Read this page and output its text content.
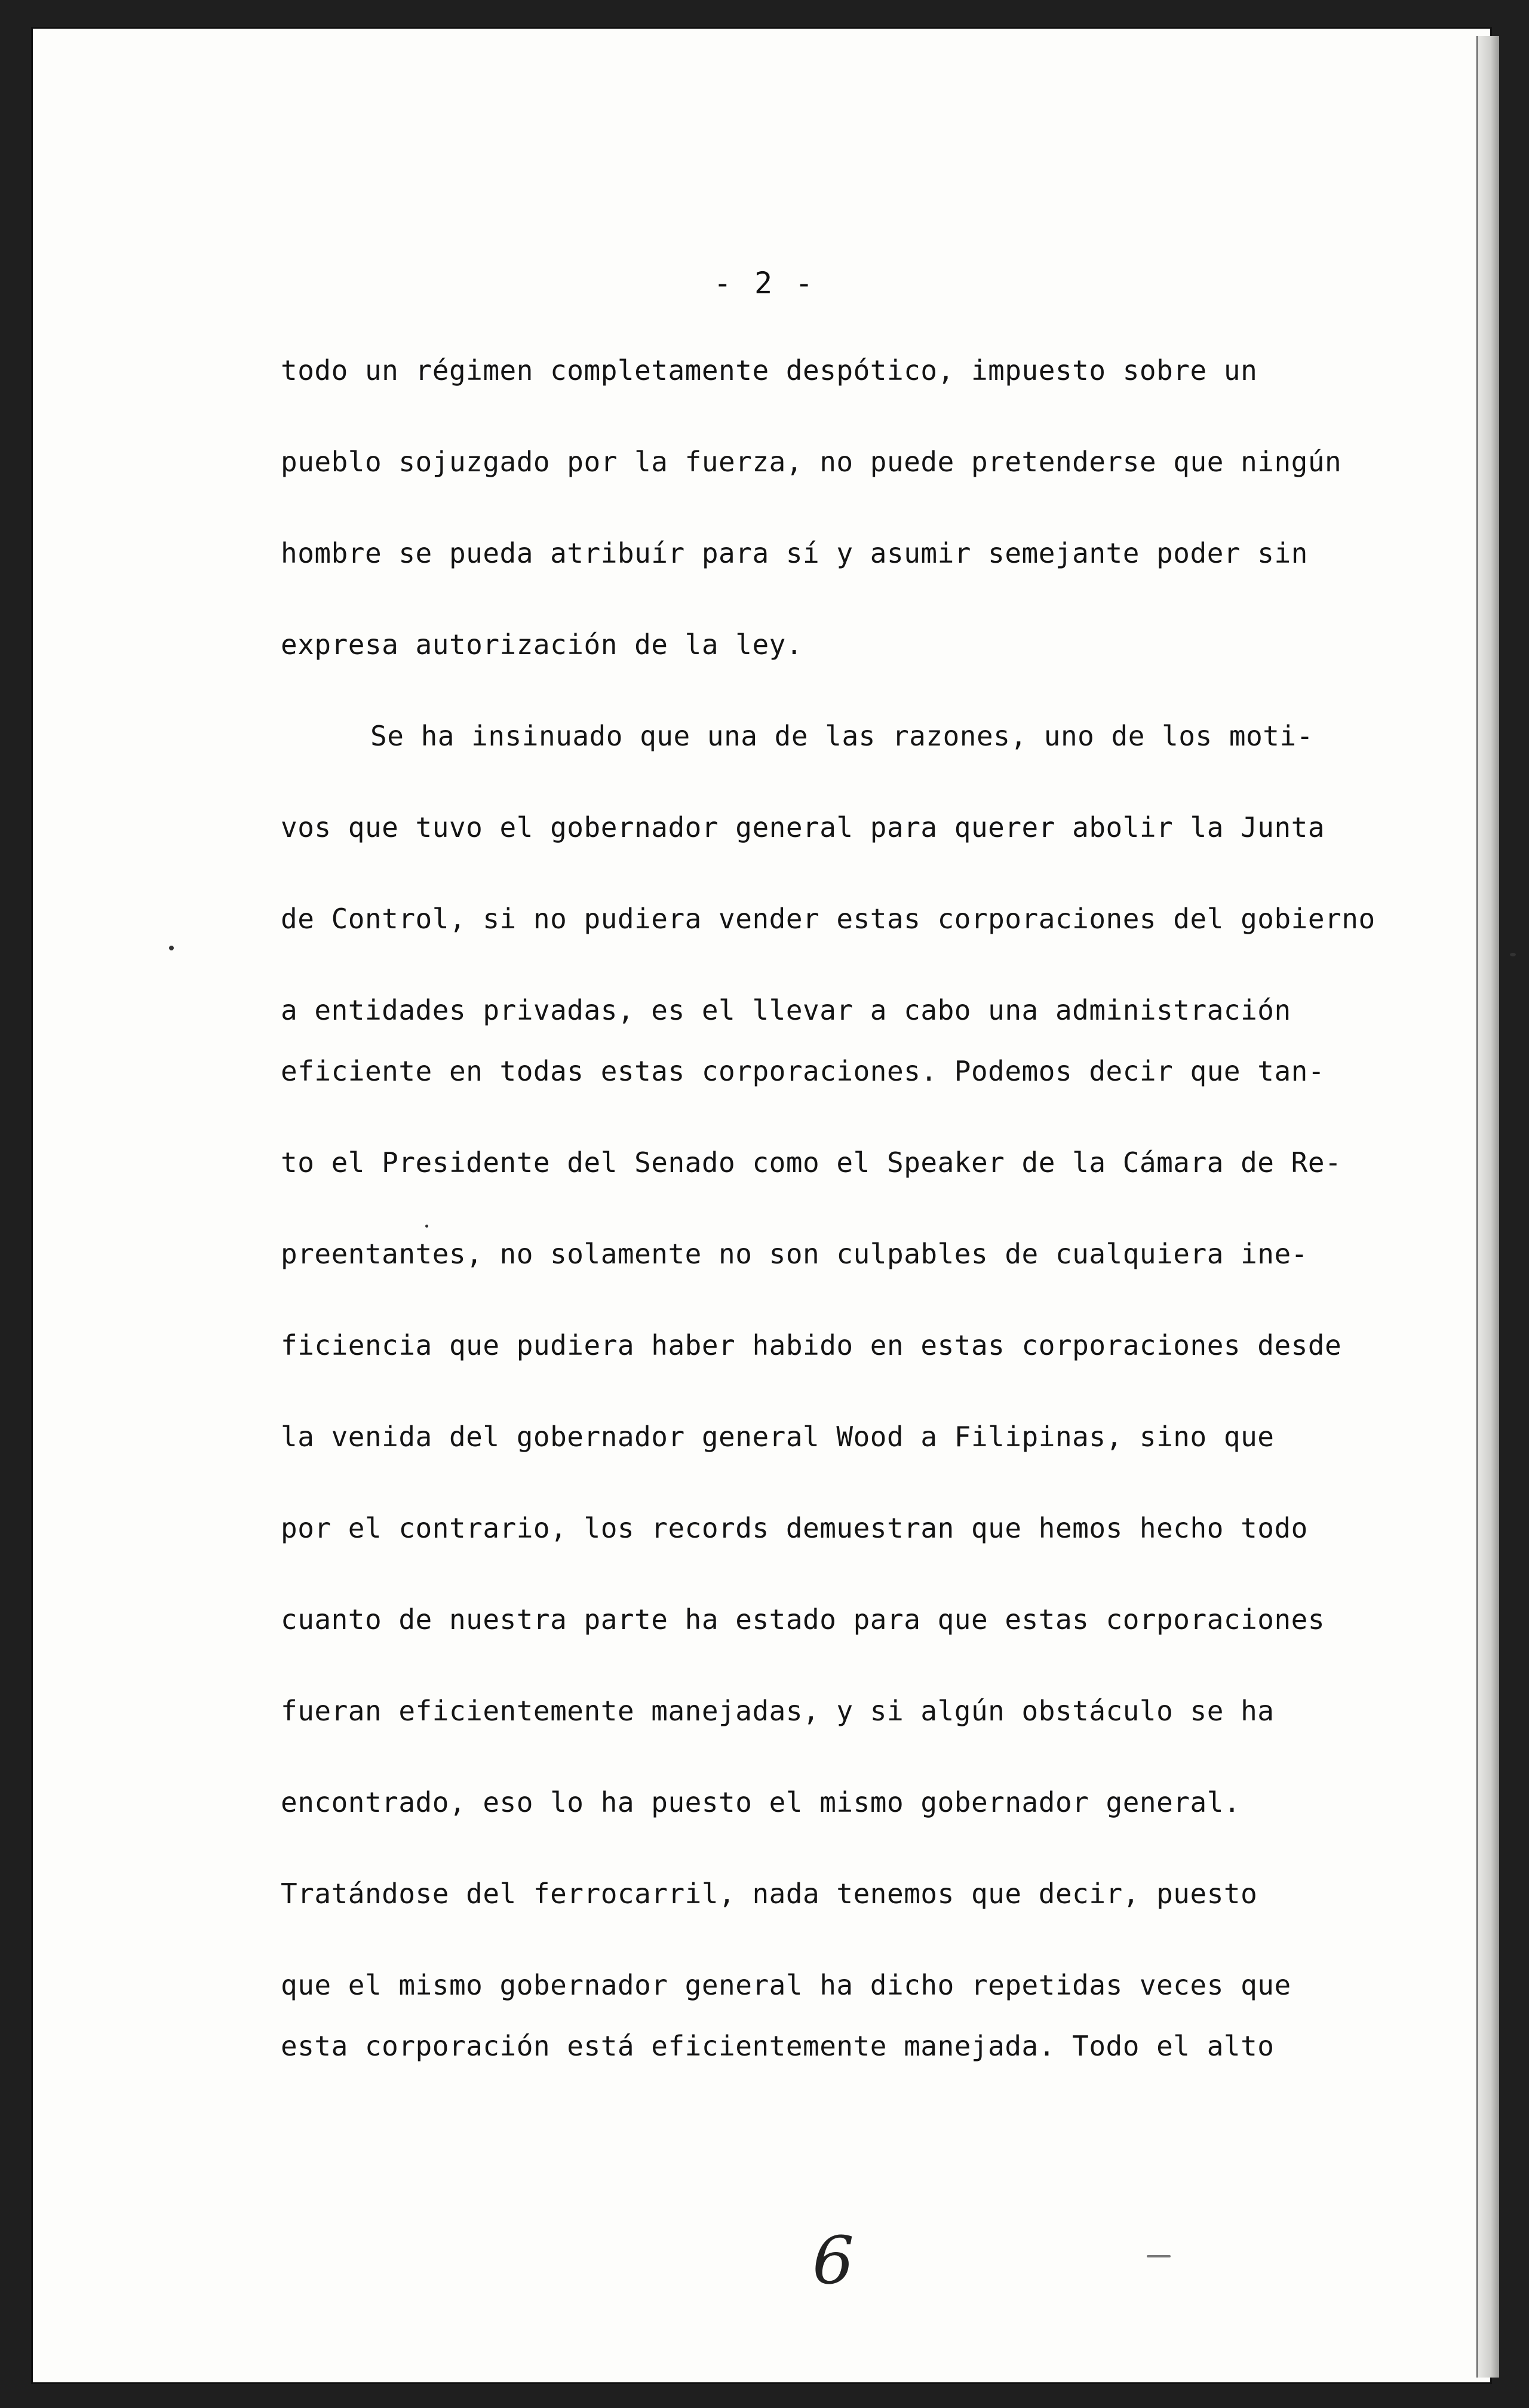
- 2 -
todo un régimen completamente despótico, impuesto sobre un
pueblo sojuzgado por la fuerza, no puede pretenderse que ningún
hombre se pueda atribuír para sí y asumir semejante poder sin
expresa autorización de la ley.
Se ha insinuado que una de las razones, uno de los moti-
vos que tuvo el gobernador general para querer abolir la Junta
de Control, si no pudiera vender estas corporaciones del gobierno
a entidades privadas, es el llevar a cabo una administración
eficiente en todas estas corporaciones. Podemos decir que tan-
to el Presidente del Senado como el Speaker de la Cámara de Re-
preentantes, no solamente no son culpables de cualquiera ine-
ficiencia que pudiera haber habido en estas corporaciones desde
la venida del gobernador general Wood a Filipinas, sino que
por el contrario, los records demuestran que hemos hecho todo
cuanto de nuestra parte ha estado para que estas corporaciones
fueran eficientemente manejadas, y si algún obstáculo se ha
encontrado, eso lo ha puesto el mismo gobernador general.
Tratándose del ferrocarril, nada tenemos que decir, puesto
que el mismo gobernador general ha dicho repetidas veces que
esta corporación está eficientemente manejada. Todo el alto
6
